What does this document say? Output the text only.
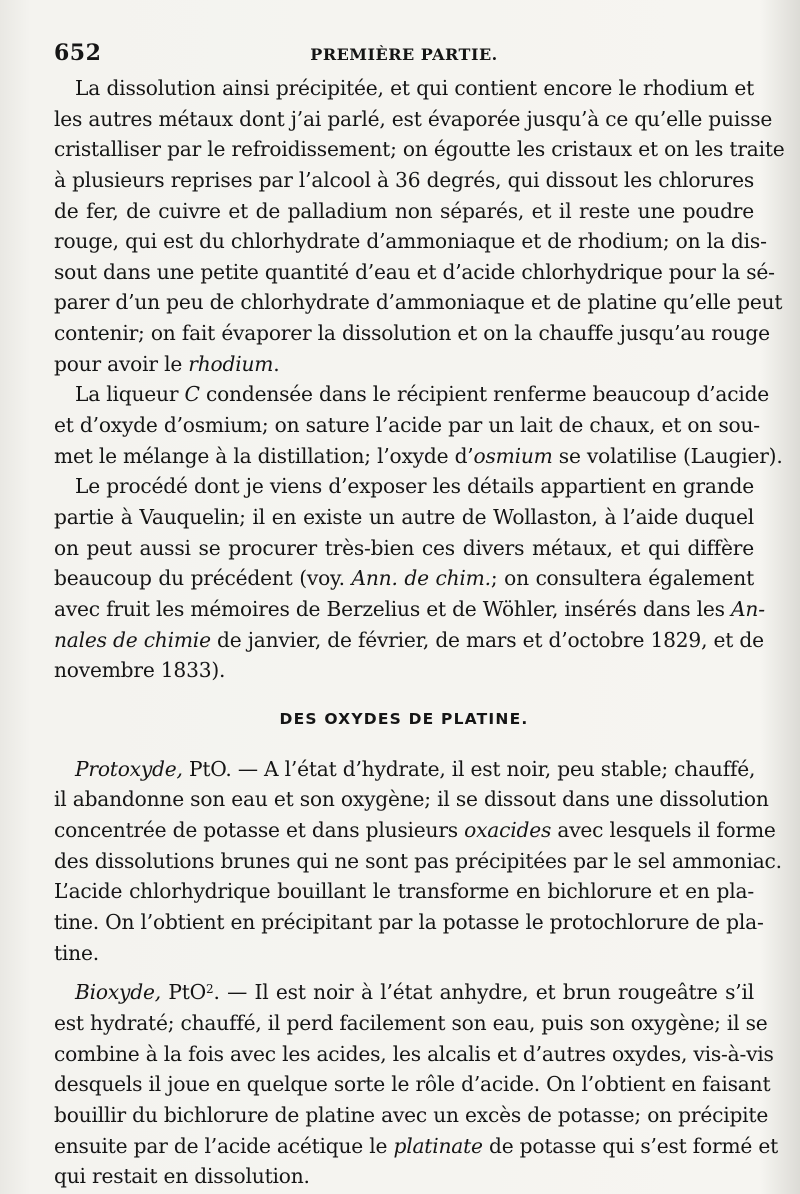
652	PREMIÈRE PARTIE.
La dissolution ainsi précipitée, et qui contient encore le rhodium et
les autres métaux dont j’ai parlé, est évaporée jusqu’à ce qu’elle puisse
cristalliser par le refroidissement; on égoutte les cristaux et on les traite
à plusieurs reprises par l’alcool à 36 degrés, qui dissout les chlorures
de fer, de cuivre et de palladium non séparés, et il reste une poudre
rouge, qui est du chlorhydrate d’ammoniaque et de rhodium; on la dis-
sout dans une petite quantité d’eau et d’acide chlorhydrique pour la sé-
parer d’un peu de chlorhydrate d’ammoniaque et de platine qu’elle peut
contenir; on fait évaporer la dissolution et on la chauffe jusqu’au rouge
pour avoir le rhodium.
La liqueur C condensée dans le récipient renferme beaucoup d’acide
et d’oxyde d’osmium; on sature l’acide par un lait de chaux, et on sou-
met le mélange à la distillation; l’oxyde d’osmium se volatilise (Laugier).
Le procédé dont je viens d’exposer les détails appartient en grande
partie à Vauquelin; il en existe un autre de Wollaston, à l’aide duquel
on peut aussi se procurer très-bien ces divers métaux, et qui diffère
beaucoup du précédent (voy. Ann. de chim.; on consultera également
avec fruit les mémoires de Berzelius et de Wöhler, insérés dans les An-
nales de chimie de janvier, de février, de mars et d’octobre 1829, et de
novembre 1833).
DES OXYDES DE PLATINE.
Protoxyde, PtO. — A l’état d’hydrate, il est noir, peu stable; chauffé,
il abandonne son eau et son oxygène; il se dissout dans une dissolution
concentrée de potasse et dans plusieurs oxacides avec lesquels il forme
des dissolutions brunes qui ne sont pas précipitées par le sel ammoniac.
L’acide chlorhydrique bouillant le transforme en bichlorure et en pla-
tine. On l’obtient en précipitant par la potasse le protochlorure de pla-
tine.
Bioxyde, PtO$^2$. — Il est noir à l’état anhydre, et brun rougeâtre s’il
est hydraté; chauffé, il perd facilement son eau, puis son oxygène; il se
combine à la fois avec les acides, les alcalis et d’autres oxydes, vis-à-vis
desquels il joue en quelque sorte le rôle d’acide. On l’obtient en faisant
bouillir du bichlorure de platine avec un excès de potasse; on précipite
ensuite par de l’acide acétique le platinate de potasse qui s’est formé et
qui restait en dissolution.
